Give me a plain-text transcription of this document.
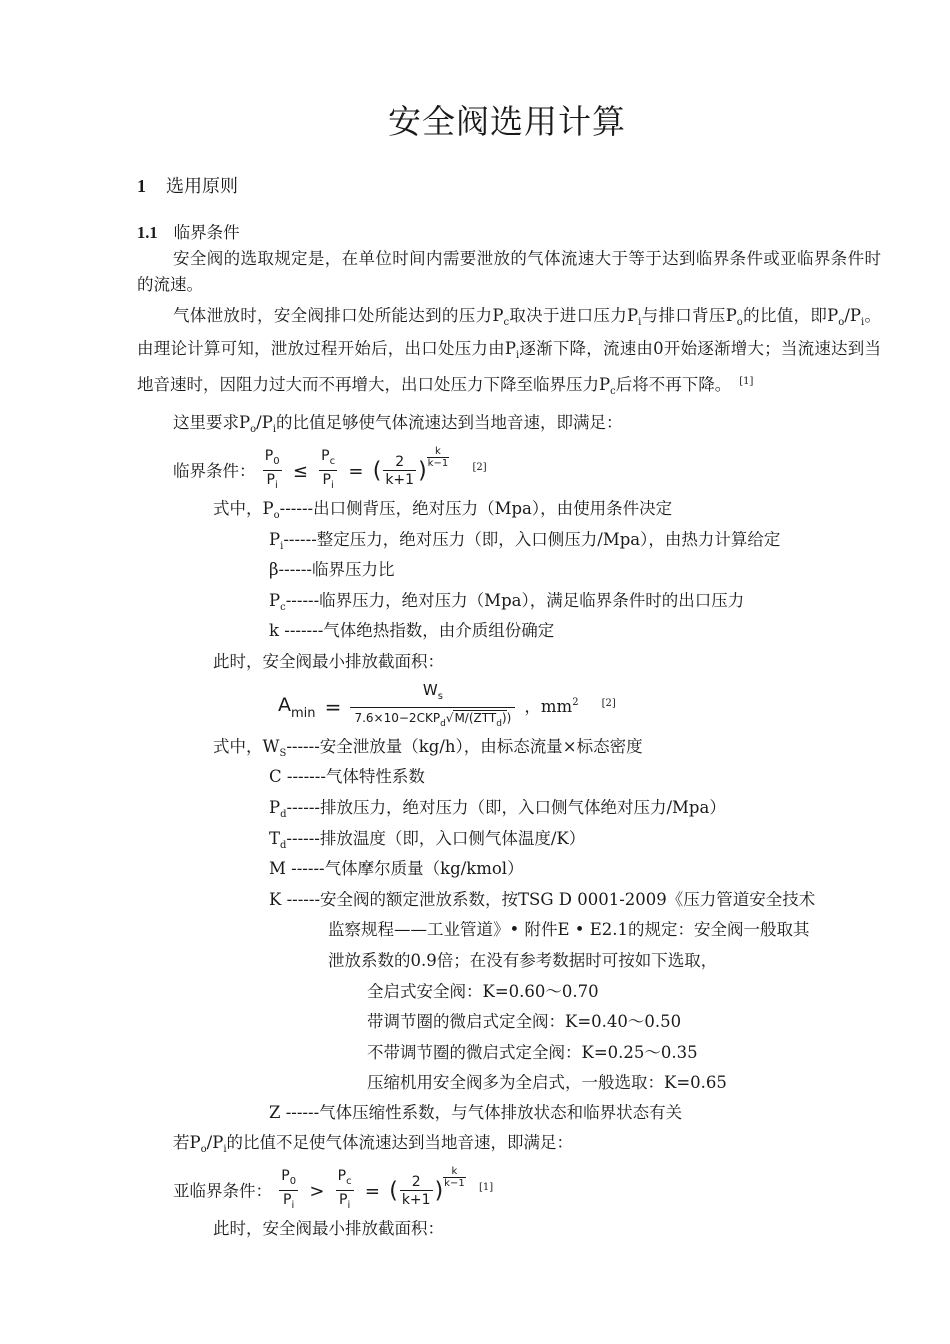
安全阀选用计算
1 选用原则
1.1 临界条件
安全阀的选取规定是，在单位时间内需要泄放的气体流速大于等于达到临界条件或亚临界条件时的流速。
气体泄放时，安全阀排口处所能达到的压力$P_c$取决于进口压力$P_i$与排口背压$P_o$的比值，即$P_o/P_i$。由理论计算可知，泄放过程开始后，出口处压力由$P_i$逐渐下降，流速由0开始逐渐增大；当流速达到当地音速时，因阻力过大而不再增大，出口处压力下降至临界压力$P_c$后将不再下降。 [1]
这里要求$P_o/P_i$的比值足够使气体流速达到当地音速，即满足：
临界条件： $\frac{P_0}{P_i} \le \frac{P_c}{P_i}$ = ( $\frac{2}{k+1}$ )
$\frac{k}{k-1} [2]$
式中，$P_o------$出口侧背压，绝对压力（Mpa），由使用条件决定
$P_i------$整定压力，绝对压力（即，入口侧压力/Mpa），由热力计算给定
β------临界压力比
$P_c------$临界压力，绝对压力（Mpa），满足临界条件时的出口压力
k -------气体绝热指数，由介质组份确定
此时，安全阀最小排放截面积：
$A_{min}$ =
$W_s$
$7.6\times 10-2CKP_d√M/(ZTT_d)$)
，$mm^2$ [2]
式中，$W_S------$安全泄放量（kg/h），由标态流量×标态密度
C -------气体特性系数
$P_d------$排放压力，绝对压力（即，入口侧气体绝对压力/Mpa）
$T_d------$排放温度（即，入口侧气体温度/K）
M ------气体摩尔质量（kg/kmol）
K ------安全阀的额定泄放系数，按TSG D 0001-2009《压力管道安全技术
监察规程——工业管道》• 附件E • E2.1的规定：安全阀一般取其
泄放系数的0.9倍；在没有参考数据时可按如下选取，
全启式安全阀：K=0.60～0.70
带调节圈的微启式定全阀：K=0.40～0.50
不带调节圈的微启式定全阀：K=0.25～0.35
压缩机用安全阀多为全启式，一般选取：K=0.65
Z ------气体压缩性系数，与气体排放状态和临界状态有关
若$P_o/P_i$的比值不足使气体流速达到当地音速，即满足：
亚临界条件： $\frac{P_0}{P_i} > \frac{P_c}{P_i}$ = ( $\frac{2}{k+1}$ )
$\frac{k}{k-1} [1]$
此时，安全阀最小排放截面积：
